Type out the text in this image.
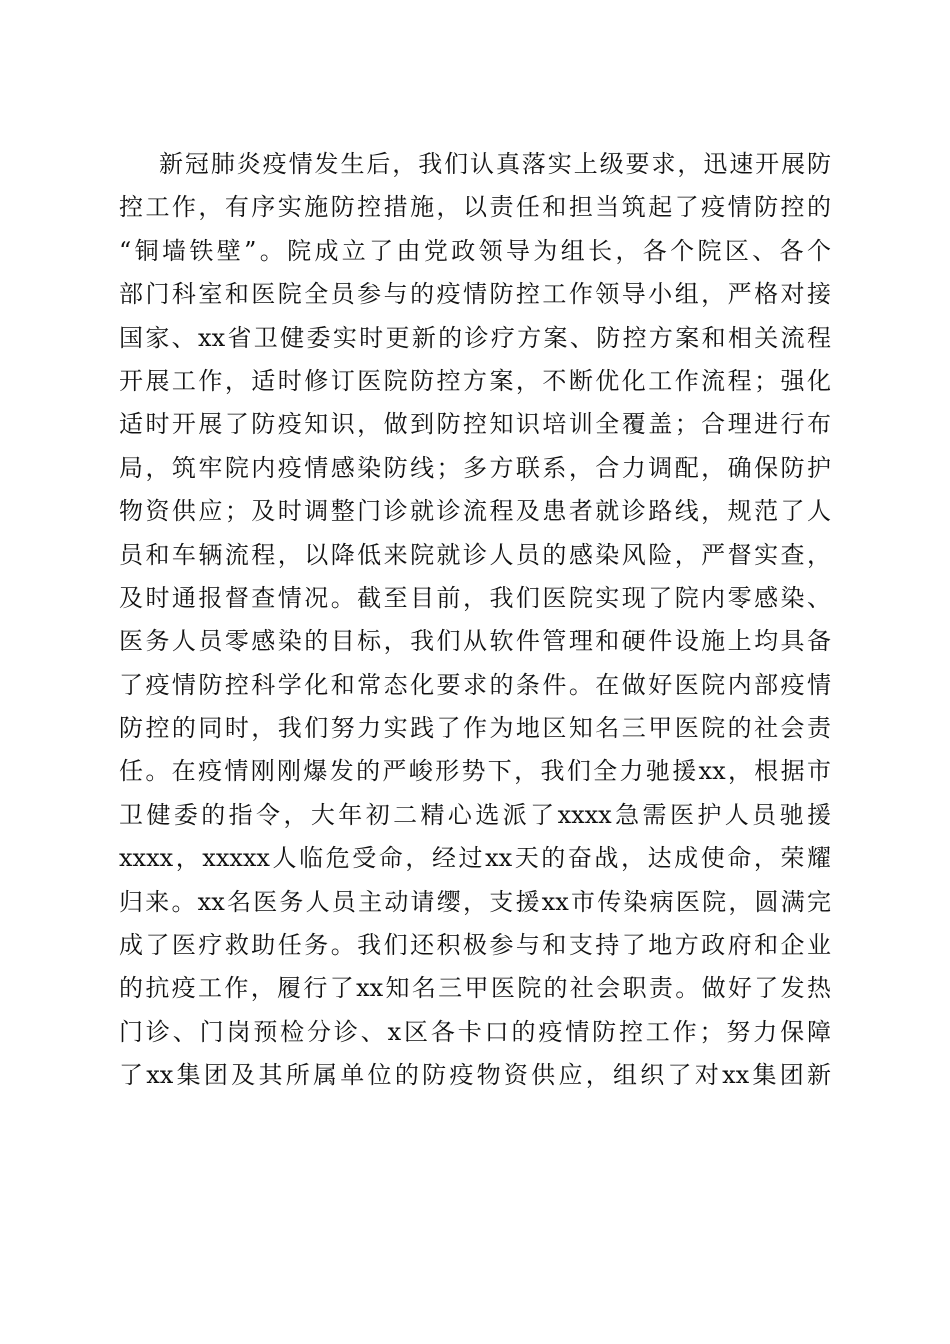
新冠肺炎疫情发生后，我们认真落实上级要求，迅速开展防
控工作，有序实施防控措施，以责任和担当筑起了疫情防控的
“铜墙铁壁”。院成立了由党政领导为组长，各个院区、各个
部门科室和医院全员参与的疫情防控工作领导小组，严格对接
国家、xx省卫健委实时更新的诊疗方案、防控方案和相关流程
开展工作，适时修订医院防控方案，不断优化工作流程；强化
适时开展了防疫知识，做到防控知识培训全覆盖；合理进行布
局，筑牢院内疫情感染防线；多方联系，合力调配，确保防护
物资供应；及时调整门诊就诊流程及患者就诊路线，规范了人
员和车辆流程，以降低来院就诊人员的感染风险，严督实查，
及时通报督查情况。截至目前，我们医院实现了院内零感染、
医务人员零感染的目标，我们从软件管理和硬件设施上均具备
了疫情防控科学化和常态化要求的条件。在做好医院内部疫情
防控的同时，我们努力实践了作为地区知名三甲医院的社会责
任。在疫情刚刚爆发的严峻形势下，我们全力驰援xx，根据市
卫健委的指令，大年初二精心选派了xxxx急需医护人员驰援
xxxx，xxxxx人临危受命，经过xx天的奋战，达成使命，荣耀
归来。xx名医务人员主动请缨，支援xx市传染病医院，圆满完
成了医疗救助任务。我们还积极参与和支持了地方政府和企业
的抗疫工作，履行了xx知名三甲医院的社会职责。做好了发热
门诊、门岗预检分诊、x区各卡口的疫情防控工作；努力保障
了xx集团及其所属单位的防疫物资供应，组织了对xx集团新
